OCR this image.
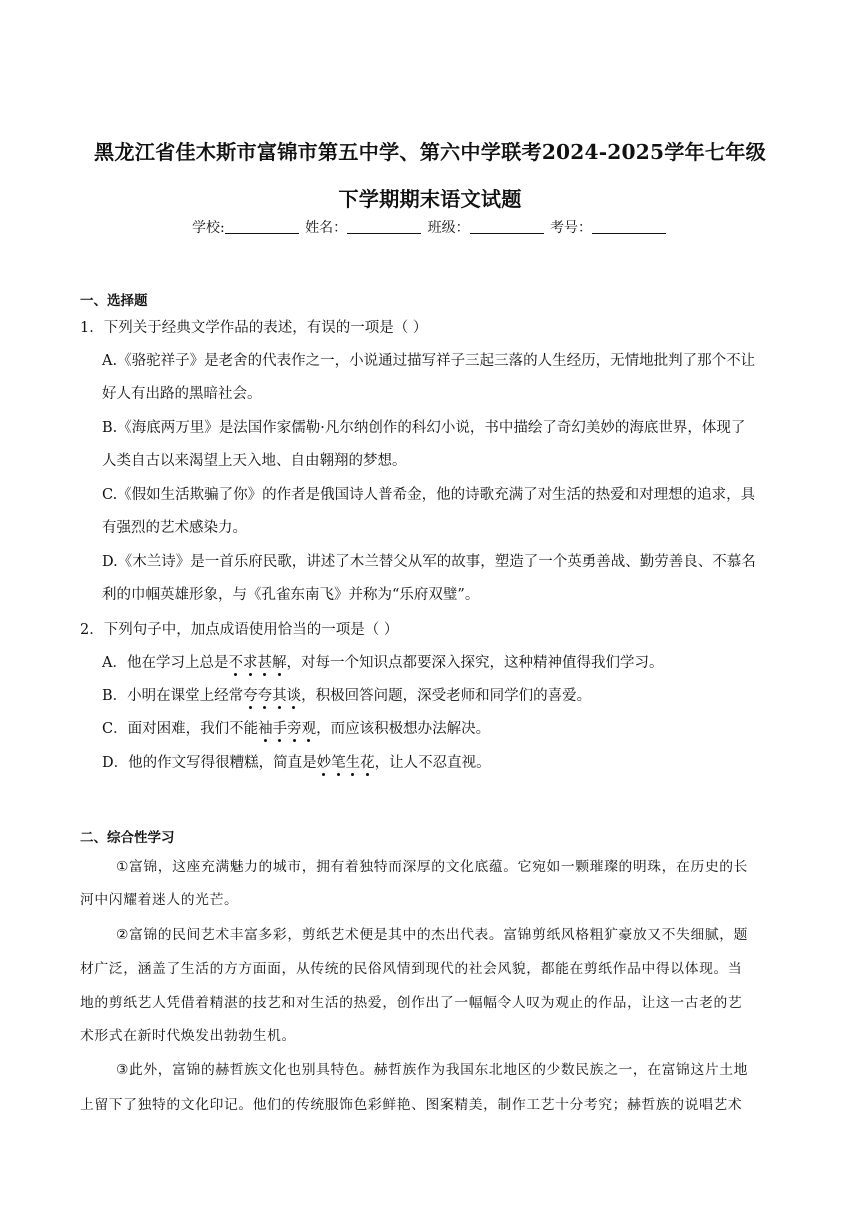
黑龙江省佳木斯市富锦市第五中学、第六中学联考2024-2025学年七年级
下学期期末语文试题
学校:	姓名：	班级：	考号：
一、选择题
1．下列关于经典文学作品的表述，有误的一项是（ ）
A.《骆驼祥子》是老舍的代表作之一，小说通过描写祥子三起三落的人生经历，无情地批判了那个不让
好人有出路的黑暗社会。
B.《海底两万里》是法国作家儒勒·凡尔纳创作的科幻小说，书中描绘了奇幻美妙的海底世界，体现了
人类自古以来渴望上天入地、自由翱翔的梦想。
C.《假如生活欺骗了你》的作者是俄国诗人普希金，他的诗歌充满了对生活的热爱和对理想的追求，具
有强烈的艺术感染力。
D.《木兰诗》是一首乐府民歌，讲述了木兰替父从军的故事，塑造了一个英勇善战、勤劳善良、不慕名
利的巾帼英雄形象，与《孔雀东南飞》并称为“乐府双璧”。
2．下列句子中，加点成语使用恰当的一项是（ ）
A．他在学习上总是不求甚解，对每一个知识点都要深入探究，这种精神值得我们学习。
B．小明在课堂上经常夸夸其谈，积极回答问题，深受老师和同学们的喜爱。
C．面对困难，我们不能袖手旁观，而应该积极想办法解决。
D．他的作文写得很糟糕，简直是妙笔生花，让人不忍直视。
二、综合性学习
①富锦，这座充满魅力的城市，拥有着独特而深厚的文化底蕴。它宛如一颗璀璨的明珠，在历史的长
河中闪耀着迷人的光芒。
②富锦的民间艺术丰富多彩，剪纸艺术便是其中的杰出代表。富锦剪纸风格粗犷豪放又不失细腻，题
材广泛，涵盖了生活的方方面面，从传统的民俗风情到现代的社会风貌，都能在剪纸作品中得以体现。当
地的剪纸艺人凭借着精湛的技艺和对生活的热爱，创作出了一幅幅令人叹为观止的作品，让这一古老的艺
术形式在新时代焕发出勃勃生机。
③此外，富锦的赫哲族文化也别具特色。赫哲族作为我国东北地区的少数民族之一，在富锦这片土地
上留下了独特的文化印记。他们的传统服饰色彩鲜艳、图案精美，制作工艺十分考究；赫哲族的说唱艺术
